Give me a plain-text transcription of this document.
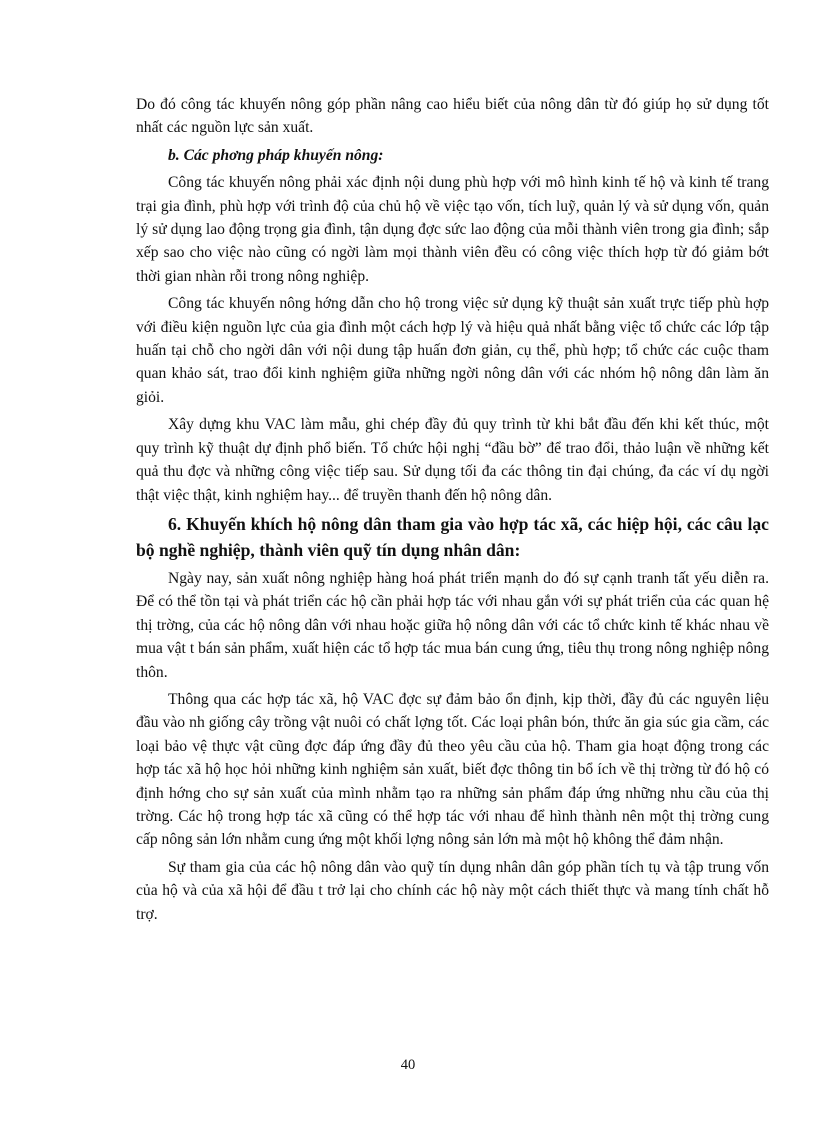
Do đó công tác khuyến nông góp phần nâng cao hiểu biết của nông dân từ đó giúp họ sử dụng tốt nhất các nguồn lực sản xuất.

b. Các phơng pháp khuyến nông:

Công tác khuyến nông phải xác định nội dung phù hợp với mô hình kinh tế hộ và kinh tế trang trại gia đình, phù hợp với trình độ của chủ hộ về việc tạo vốn, tích luỹ, quản lý và sử dụng vốn, quản lý sử dụng lao động trọng gia đình, tận dụng đợc sức lao động của mỗi thành viên trong gia đình; sắp xếp sao cho việc nào cũng có ngời làm mọi thành viên đều có công việc thích hợp từ đó giảm bớt thời gian nhàn rỗi trong nông nghiệp.

Công tác khuyến nông hớng dẫn cho hộ trong việc sử dụng kỹ thuật sản xuất trực tiếp phù hợp với điều kiện nguồn lực của gia đình một cách hợp lý và hiệu quả nhất bằng việc tổ chức các lớp tập huấn tại chỗ cho ngời dân với nội dung tập huấn đơn giản, cụ thể, phù hợp; tổ chức các cuộc tham quan khảo sát, trao đổi kinh nghiệm giữa những ngời nông dân với các nhóm hộ nông dân làm ăn giỏi.

Xây dựng khu VAC làm mẫu, ghi chép đầy đủ quy trình từ khi bắt đầu đến khi kết thúc, một quy trình kỹ thuật dự định phổ biến. Tổ chức hội nghị “đầu bờ” để trao đổi, thảo luận về những kết quả thu đợc và những công việc tiếp sau. Sử dụng tối đa các thông tin đại chúng, đa các ví dụ ngời thật việc thật, kinh nghiệm hay... để truyền thanh đến hộ nông dân.

6. Khuyến khích hộ nông dân tham gia vào hợp tác xã, các hiệp hội, các câu lạc bộ nghề nghiệp, thành viên quỹ tín dụng nhân dân:

Ngày nay, sản xuất nông nghiệp hàng hoá phát triển mạnh do đó sự cạnh tranh tất yếu diễn ra. Để có thể tồn tại và phát triển các hộ cần phải hợp tác với nhau gắn với sự phát triển của các quan hệ thị trờng, của các hộ nông dân với nhau hoặc giữa hộ nông dân với các tổ chức kinh tế khác nhau về mua vật t bán sản phẩm, xuất hiện các tổ hợp tác mua bán cung ứng, tiêu thụ trong nông nghiệp nông thôn.

Thông qua các hợp tác xã, hộ VAC đợc sự đảm bảo ổn định, kịp thời, đầy đủ các nguyên liệu đầu vào nh giống cây trồng vật nuôi có chất lợng tốt. Các loại phân bón, thức ăn gia súc gia cầm, các loại bảo vệ thực vật cũng đợc đáp ứng đầy đủ theo yêu cầu của hộ. Tham gia hoạt động trong các hợp tác xã hộ học hỏi những kinh nghiệm sản xuất, biết đợc thông tin bổ ích về thị trờng từ đó hộ có định hớng cho sự sản xuất của mình nhằm tạo ra những sản phẩm đáp ứng những nhu cầu của thị trờng. Các hộ trong hợp tác xã cũng có thể hợp tác với nhau để hình thành nên một thị trờng cung cấp nông sản lớn nhằm cung ứng một khối lợng nông sản lớn mà một hộ không thể đảm nhận.

Sự tham gia của các hộ nông dân vào quỹ tín dụng nhân dân góp phần tích tụ và tập trung vốn của hộ và của xã hội để đầu t trở lại cho chính các hộ này một cách thiết thực và mang tính chất hỗ trợ.

40
